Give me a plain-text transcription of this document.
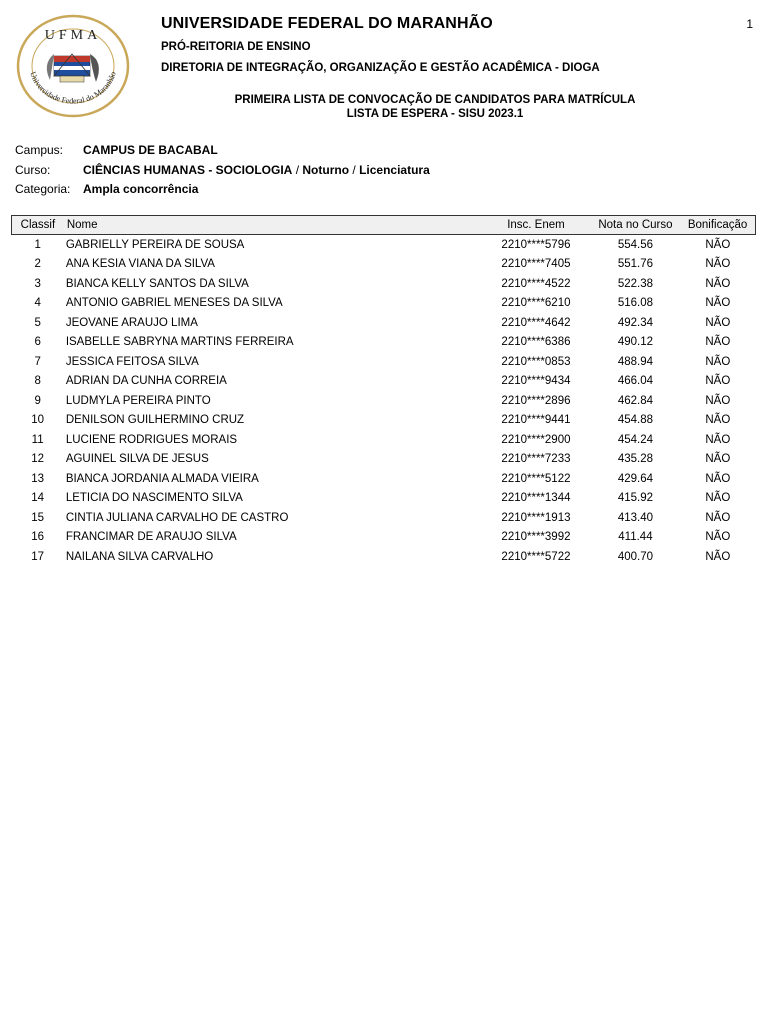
Universidade Federal do Maranhão
UFMA
1
UNIVERSIDADE FEDERAL DO MARANHÃO
PRÓ-REITORIA DE ENSINO
DIRETORIA DE INTEGRAÇÃO, ORGANIZAÇÃO E GESTÃO ACADÊMICA - DIOGA
PRIMEIRA LISTA DE CONVOCAÇÃO DE CANDIDATOS PARA MATRÍCULA
LISTA DE ESPERA - SISU 2023.1
Campus: CAMPUS DE BACABAL
Curso:	CIÊNCIAS HUMANAS - SOCIOLOGIA / Noturno / Licenciatura
Categoria: Ampla concorrência
Classif	Nome	Insc. Enem	Nota no Curso	Bonificação
1	GABRIELLY PEREIRA DE SOUSA	2210****5796	554.56	NÃO
2	ANA KESIA VIANA DA SILVA	2210****7405	551.76	NÃO
3	BIANCA KELLY SANTOS DA SILVA	2210****4522	522.38	NÃO
4	ANTONIO GABRIEL MENESES DA SILVA	2210****6210	516.08	NÃO
5	JEOVANE ARAUJO LIMA	2210****4642	492.34	NÃO
6	ISABELLE SABRYNA MARTINS FERREIRA	2210****6386	490.12	NÃO
7	JESSICA FEITOSA SILVA	2210****0853	488.94	NÃO
8	ADRIAN DA CUNHA CORREIA	2210****9434	466.04	NÃO
9	LUDMYLA PEREIRA PINTO	2210****2896	462.84	NÃO
10	DENILSON GUILHERMINO CRUZ	2210****9441	454.88	NÃO
11	LUCIENE RODRIGUES MORAIS	2210****2900	454.24	NÃO
12	AGUINEL SILVA DE JESUS	2210****7233	435.28	NÃO
13	BIANCA JORDANIA ALMADA VIEIRA	2210****5122	429.64	NÃO
14	LETICIA DO NASCIMENTO SILVA	2210****1344	415.92	NÃO
15	CINTIA JULIANA CARVALHO DE CASTRO	2210****1913	413.40	NÃO
16	FRANCIMAR DE ARAUJO SILVA	2210****3992	411.44	NÃO
17	NAILANA SILVA CARVALHO	2210****5722	400.70	NÃO
